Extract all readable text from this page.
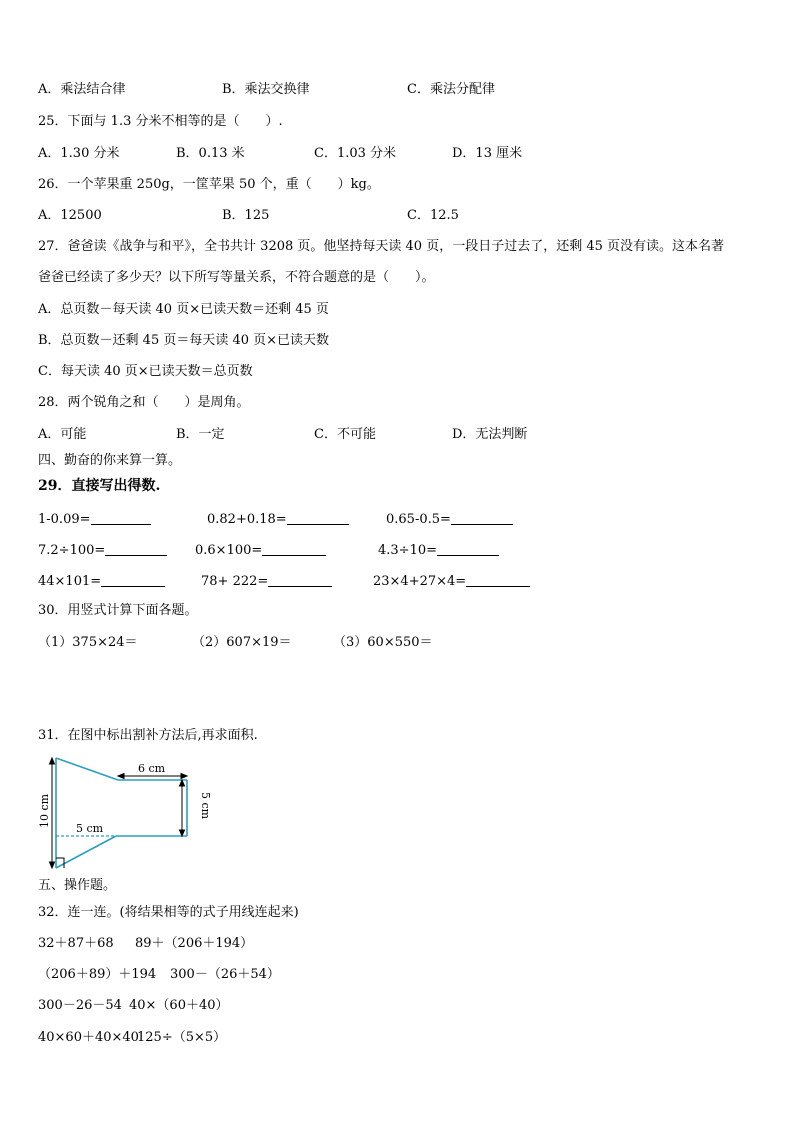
A．乘法结合律	B．乘法交换律	C．乘法分配律
25．下面与 1.3 分米不相等的是（　　）.
A．1.30 分米	B．0.13 米	C．1.03 分米	D．13 厘米
26．一个苹果重 250g，一筐苹果 50 个，重（　　）kg。
A．12500	B．125	C．12.5
27．爸爸读《战争与和平》，全书共计 3208 页。他坚持每天读 40 页，一段日子过去了，还剩 45 页没有读。这本名著
爸爸已经读了多少天？以下所写等量关系，不符合题意的是（　　）。
A．总页数－每天读 40 页×已读天数＝还剩 45 页
B．总页数－还剩 45 页＝每天读 40 页×已读天数
C．每天读 40 页×已读天数＝总页数
28．两个锐角之和（　　）是周角。
A．可能	B．一定	C．不可能	D．无法判断
四、勤奋的你来算一算。
29．直接写出得数.
1-0.09=	0.82+0.18=	0.65-0.5=
7.2÷100=	0.6×100=	4.3÷10=
44×101=	78+ 222=	23×4+27×4=
30．用竖式计算下面各题。
（1）375×24＝	（2）607×19＝	（3）60×550＝
31．在图中标出割补方法后,再求面积.
6 cm
5 cm
10 cm
5 cm
五、操作题。
32．连一连。(将结果相等的式子用线连起来)
32＋87＋68 89＋（206＋194）
（206＋89）＋194 300－（26＋54）
300－26－54 40×（60＋40）
40×60＋40×40
125÷（5×5）
